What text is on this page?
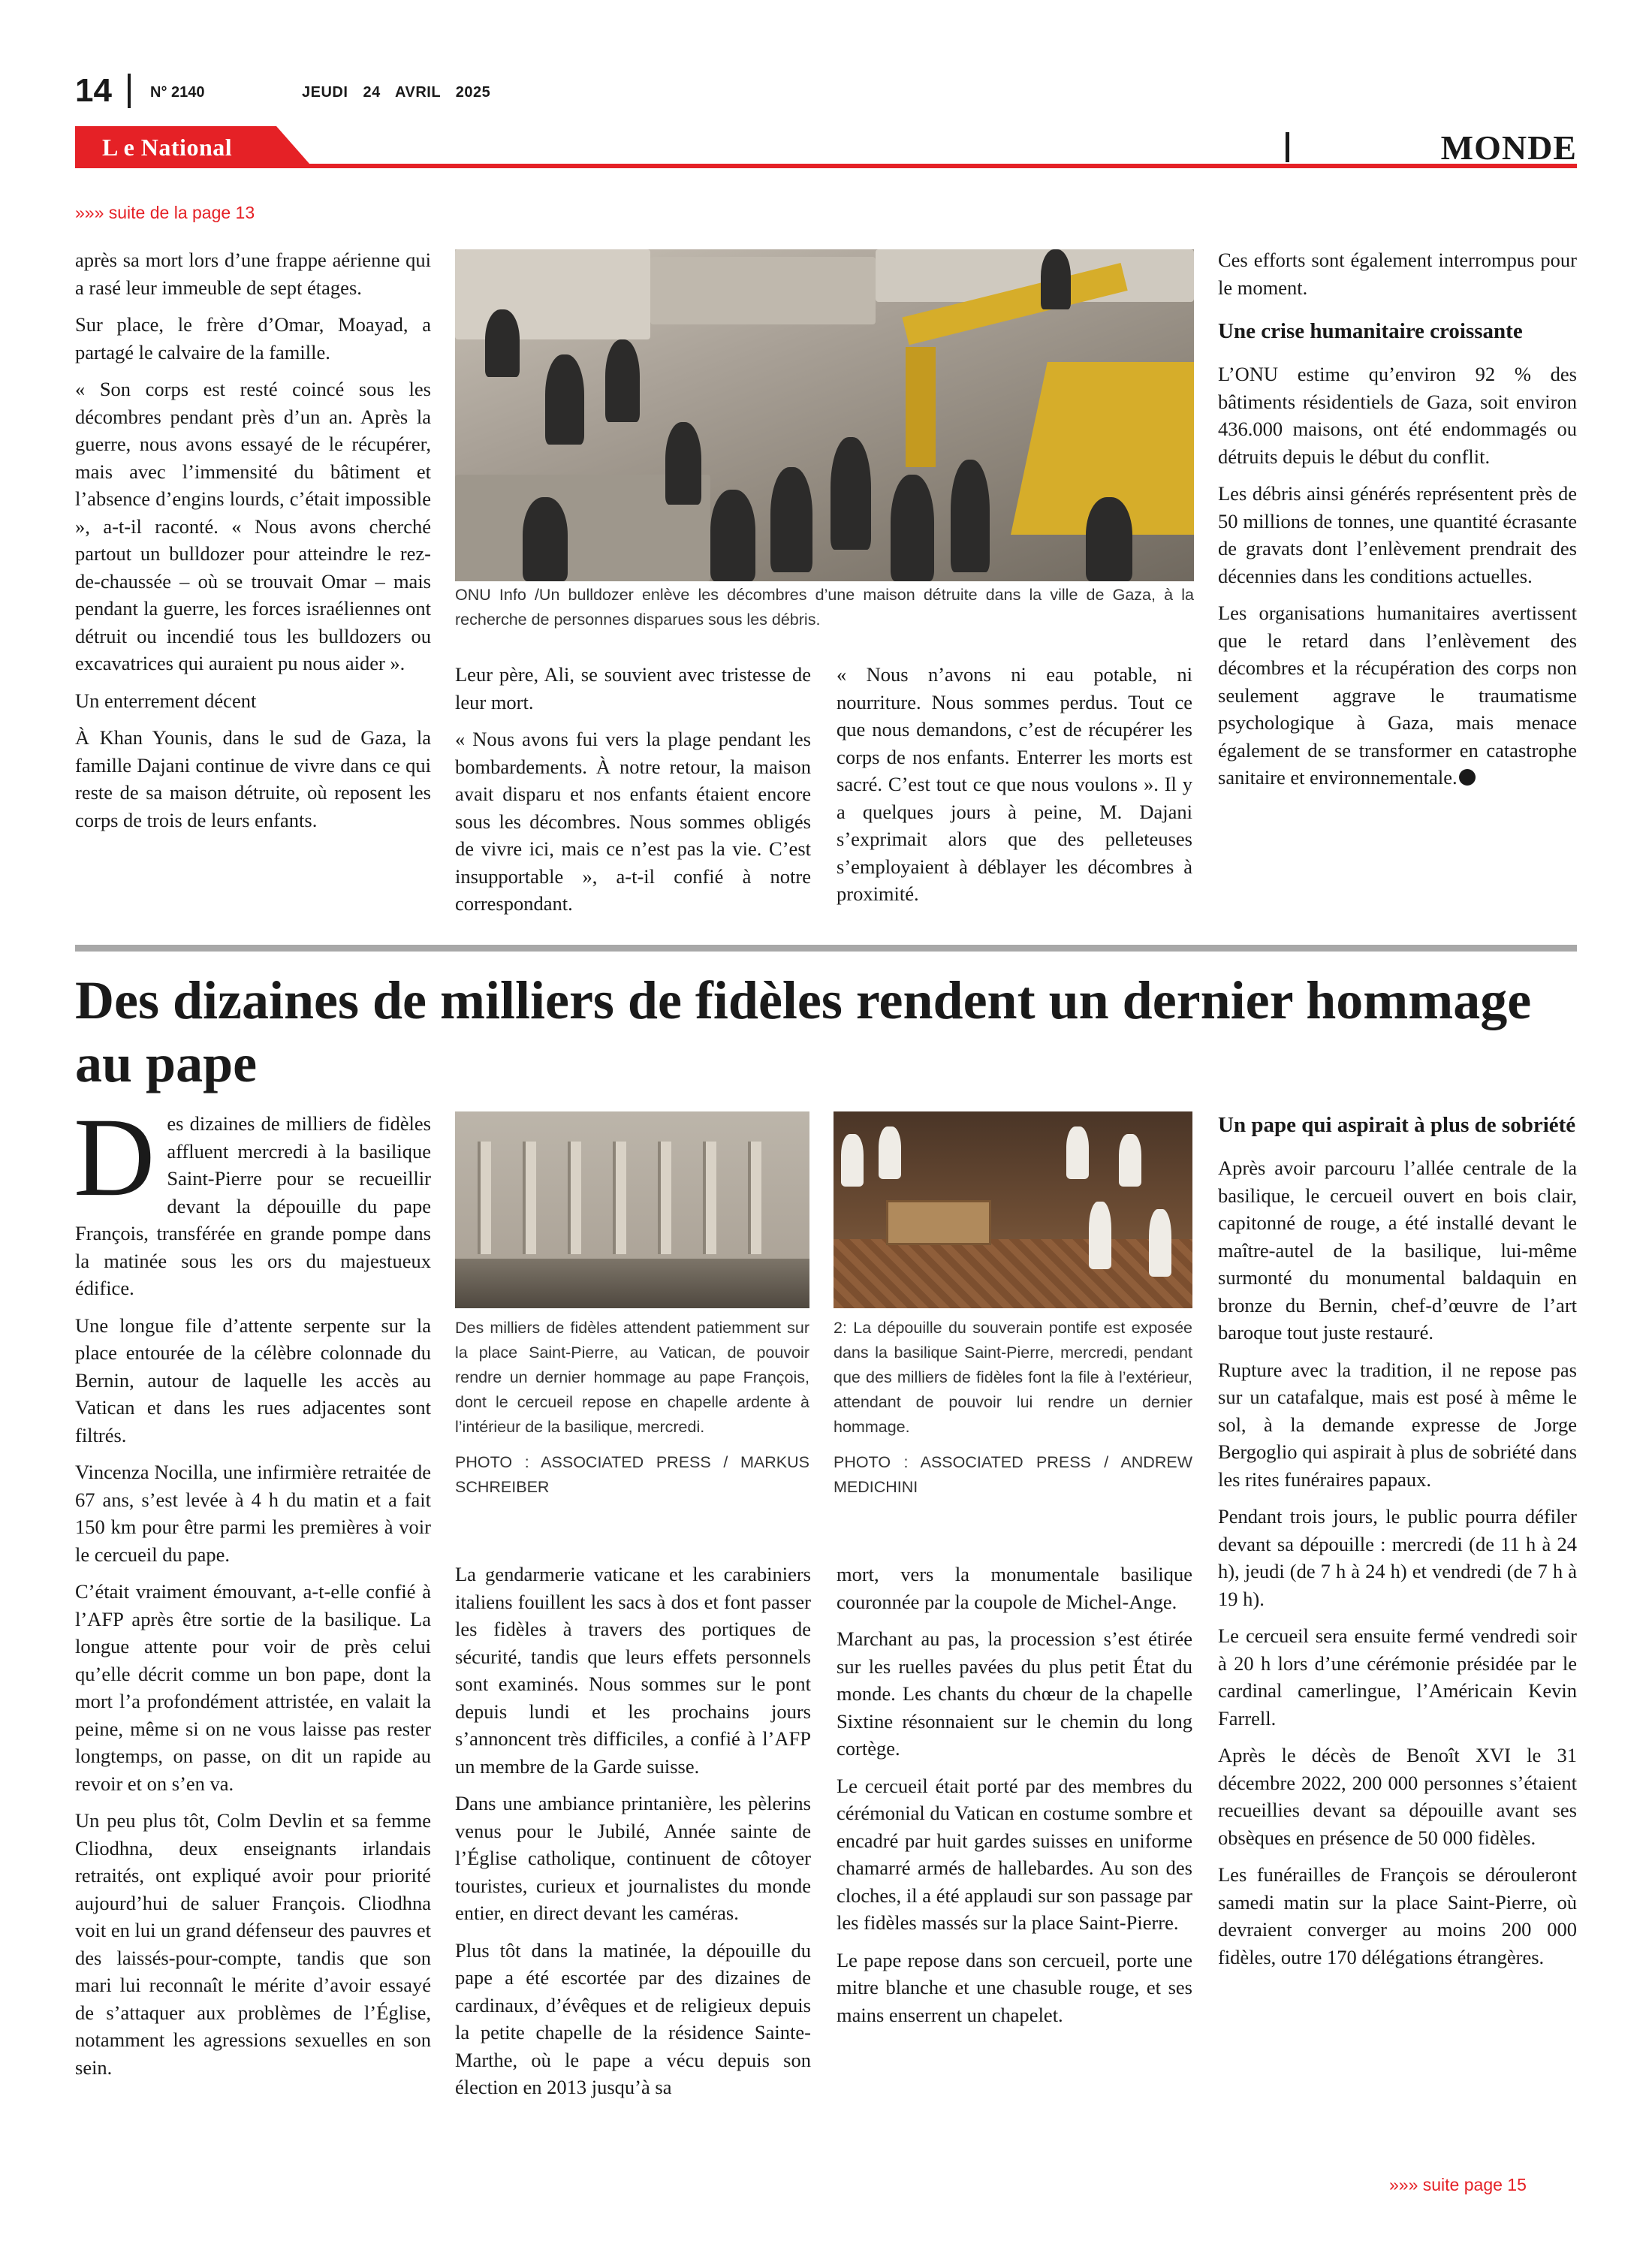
14	N° 2140	JEUDI 24 AVRIL 2025
L e National	MONDE
»»» suite de la page 13

après sa mort lors d’une frappe aérienne qui a rasé leur immeuble de sept étages.

Sur place, le frère d’Omar, Moayad, a partagé le calvaire de la famille.

« Son corps est resté coincé sous les décombres pendant près d’un an. Après la guerre, nous avons essayé de le récupérer, mais avec l’immensité du bâtiment et l’absence d’engins lourds, c’était impossible », a-t-il raconté. « Nous avons cherché partout un bulldozer pour atteindre le rez-de-chaussée – où se trouvait Omar – mais pendant la guerre, les forces israéliennes ont détruit ou incendié tous les bulldozers ou excavatrices qui auraient pu nous aider ».

Un enterrement décent

À Khan Younis, dans le sud de Gaza, la famille Dajani continue de vivre dans ce qui reste de sa maison détruite, où reposent les corps de trois de leurs enfants.

ONU Info /Un bulldozer enlève les décombres d’une maison détruite dans la ville de Gaza, à la recherche de personnes disparues sous les débris.

Leur père, Ali, se souvient avec tristesse de leur mort.

« Nous avons fui vers la plage pendant les bombardements. À notre retour, la maison avait disparu et nos enfants étaient encore sous les décombres. Nous sommes obligés de vivre ici, mais ce n’est pas la vie. C’est insupportable », a-t-il confié à notre correspondant.

« Nous n’avons ni eau potable, ni nourriture. Nous sommes perdus. Tout ce que nous demandons, c’est de récupérer les corps de nos enfants. Enterrer les morts est sacré. C’est tout ce que nous voulons ». Il y a quelques jours à peine, M. Dajani s’exprimait alors que des pelleteuses s’employaient à déblayer les décombres à proximité.

Ces efforts sont également interrompus pour le moment.

Une crise humanitaire croissante

L’ONU estime qu’environ 92 % des bâtiments résidentiels de Gaza, soit environ 436.000 maisons, ont été endommagés ou détruits depuis le début du conflit.

Les débris ainsi générés représentent près de 50 millions de tonnes, une quantité écrasante de gravats dont l’enlèvement prendrait des décennies dans les conditions actuelles.

Les organisations humanitaires avertissent que le retard dans l’enlèvement des décombres et la récupération des corps non seulement aggrave le traumatisme psychologique à Gaza, mais menace également de se transformer en catastrophe sanitaire et environnementale.

Des dizaines de milliers de fidèles rendent un dernier hommage au pape

Des dizaines de milliers de fidèles affluent mercredi à la basilique Saint-Pierre pour se recueillir devant la dépouille du pape François, transférée en grande pompe dans la matinée sous les ors du majestueux édifice.

Une longue file d’attente serpente sur la place entourée de la célèbre colonnade du Bernin, autour de laquelle les accès au Vatican et dans les rues adjacentes sont filtrés.

Vincenza Nocilla, une infirmière retraitée de 67 ans, s’est levée à 4 h du matin et a fait 150 km pour être parmi les premières à voir le cercueil du pape.

C’était vraiment émouvant, a-t-elle confié à l’AFP après être sortie de la basilique. La longue attente pour voir de près celui qu’elle décrit comme un bon pape, dont la mort l’a profondément attristée, en valait la peine, même si on ne vous laisse pas rester longtemps, on passe, on dit un rapide au revoir et on s’en va.

Un peu plus tôt, Colm Devlin et sa femme Cliodhna, deux enseignants irlandais retraités, ont expliqué avoir pour priorité aujourd’hui de saluer François. Cliodhna voit en lui un grand défenseur des pauvres et des laissés-pour-compte, tandis que son mari lui reconnaît le mérite d’avoir essayé de s’attaquer aux problèmes de l’Église, notamment les agressions sexuelles en son sein.

Des milliers de fidèles attendent patiemment sur la place Saint-Pierre, au Vatican, de pouvoir rendre un dernier hommage au pape François, dont le cercueil repose en chapelle ardente à l’intérieur de la basilique, mercredi.
PHOTO : ASSOCIATED PRESS / MARKUS SCHREIBER
2: La dépouille du souverain pontife est exposée dans la basilique Saint-Pierre, mercredi, pendant que des milliers de fidèles font la file à l’extérieur, attendant de pouvoir lui rendre un dernier hommage.
PHOTO : ASSOCIATED PRESS / ANDREW MEDICHINI

La gendarmerie vaticane et les carabiniers italiens fouillent les sacs à dos et font passer les fidèles à travers des portiques de sécurité, tandis que leurs effets personnels sont examinés. Nous sommes sur le pont depuis lundi et les prochains jours s’annoncent très difficiles, a confié à l’AFP un membre de la Garde suisse.

Dans une ambiance printanière, les pèlerins venus pour le Jubilé, Année sainte de l’Église catholique, continuent de côtoyer touristes, curieux et journalistes du monde entier, en direct devant les caméras.

Plus tôt dans la matinée, la dépouille du pape a été escortée par des dizaines de cardinaux, d’évêques et de religieux depuis la petite chapelle de la résidence Sainte-Marthe, où le pape a vécu depuis son élection en 2013 jusqu’à sa

mort, vers la monumentale basilique couronnée par la coupole de Michel-Ange.

Marchant au pas, la procession s’est étirée sur les ruelles pavées du plus petit État du monde. Les chants du chœur de la chapelle Sixtine résonnaient sur le chemin du long cortège.

Le cercueil était porté par des membres du cérémonial du Vatican en costume sombre et encadré par huit gardes suisses en uniforme chamarré armés de hallebardes. Au son des cloches, il a été applaudi sur son passage par les fidèles massés sur la place Saint-Pierre.

Le pape repose dans son cercueil, porte une mitre blanche et une chasuble rouge, et ses mains enserrent un chapelet.

Un pape qui aspirait à plus de sobriété

Après avoir parcouru l’allée centrale de la basilique, le cercueil ouvert en bois clair, capitonné de rouge, a été installé devant le maître-autel de la basilique, lui-même surmonté du monumental baldaquin en bronze du Bernin, chef-d’œuvre de l’art baroque tout juste restauré.

Rupture avec la tradition, il ne repose pas sur un catafalque, mais est posé à même le sol, à la demande expresse de Jorge Bergoglio qui aspirait à plus de sobriété dans les rites funéraires papaux.

Pendant trois jours, le public pourra défiler devant sa dépouille : mercredi (de 11 h à 24 h), jeudi (de 7 h à 24 h) et vendredi (de 7 h à 19 h).

Le cercueil sera ensuite fermé vendredi soir à 20 h lors d’une cérémonie présidée par le cardinal camerlingue, l’Américain Kevin Farrell.

Après le décès de Benoît XVI le 31 décembre 2022, 200 000 personnes s’étaient recueillies devant sa dépouille avant ses obsèques en présence de 50 000 fidèles.

Les funérailles de François se dérouleront samedi matin sur la place Saint-Pierre, où devraient converger au moins 200 000 fidèles, outre 170 délégations étrangères.

»»» suite page 15
